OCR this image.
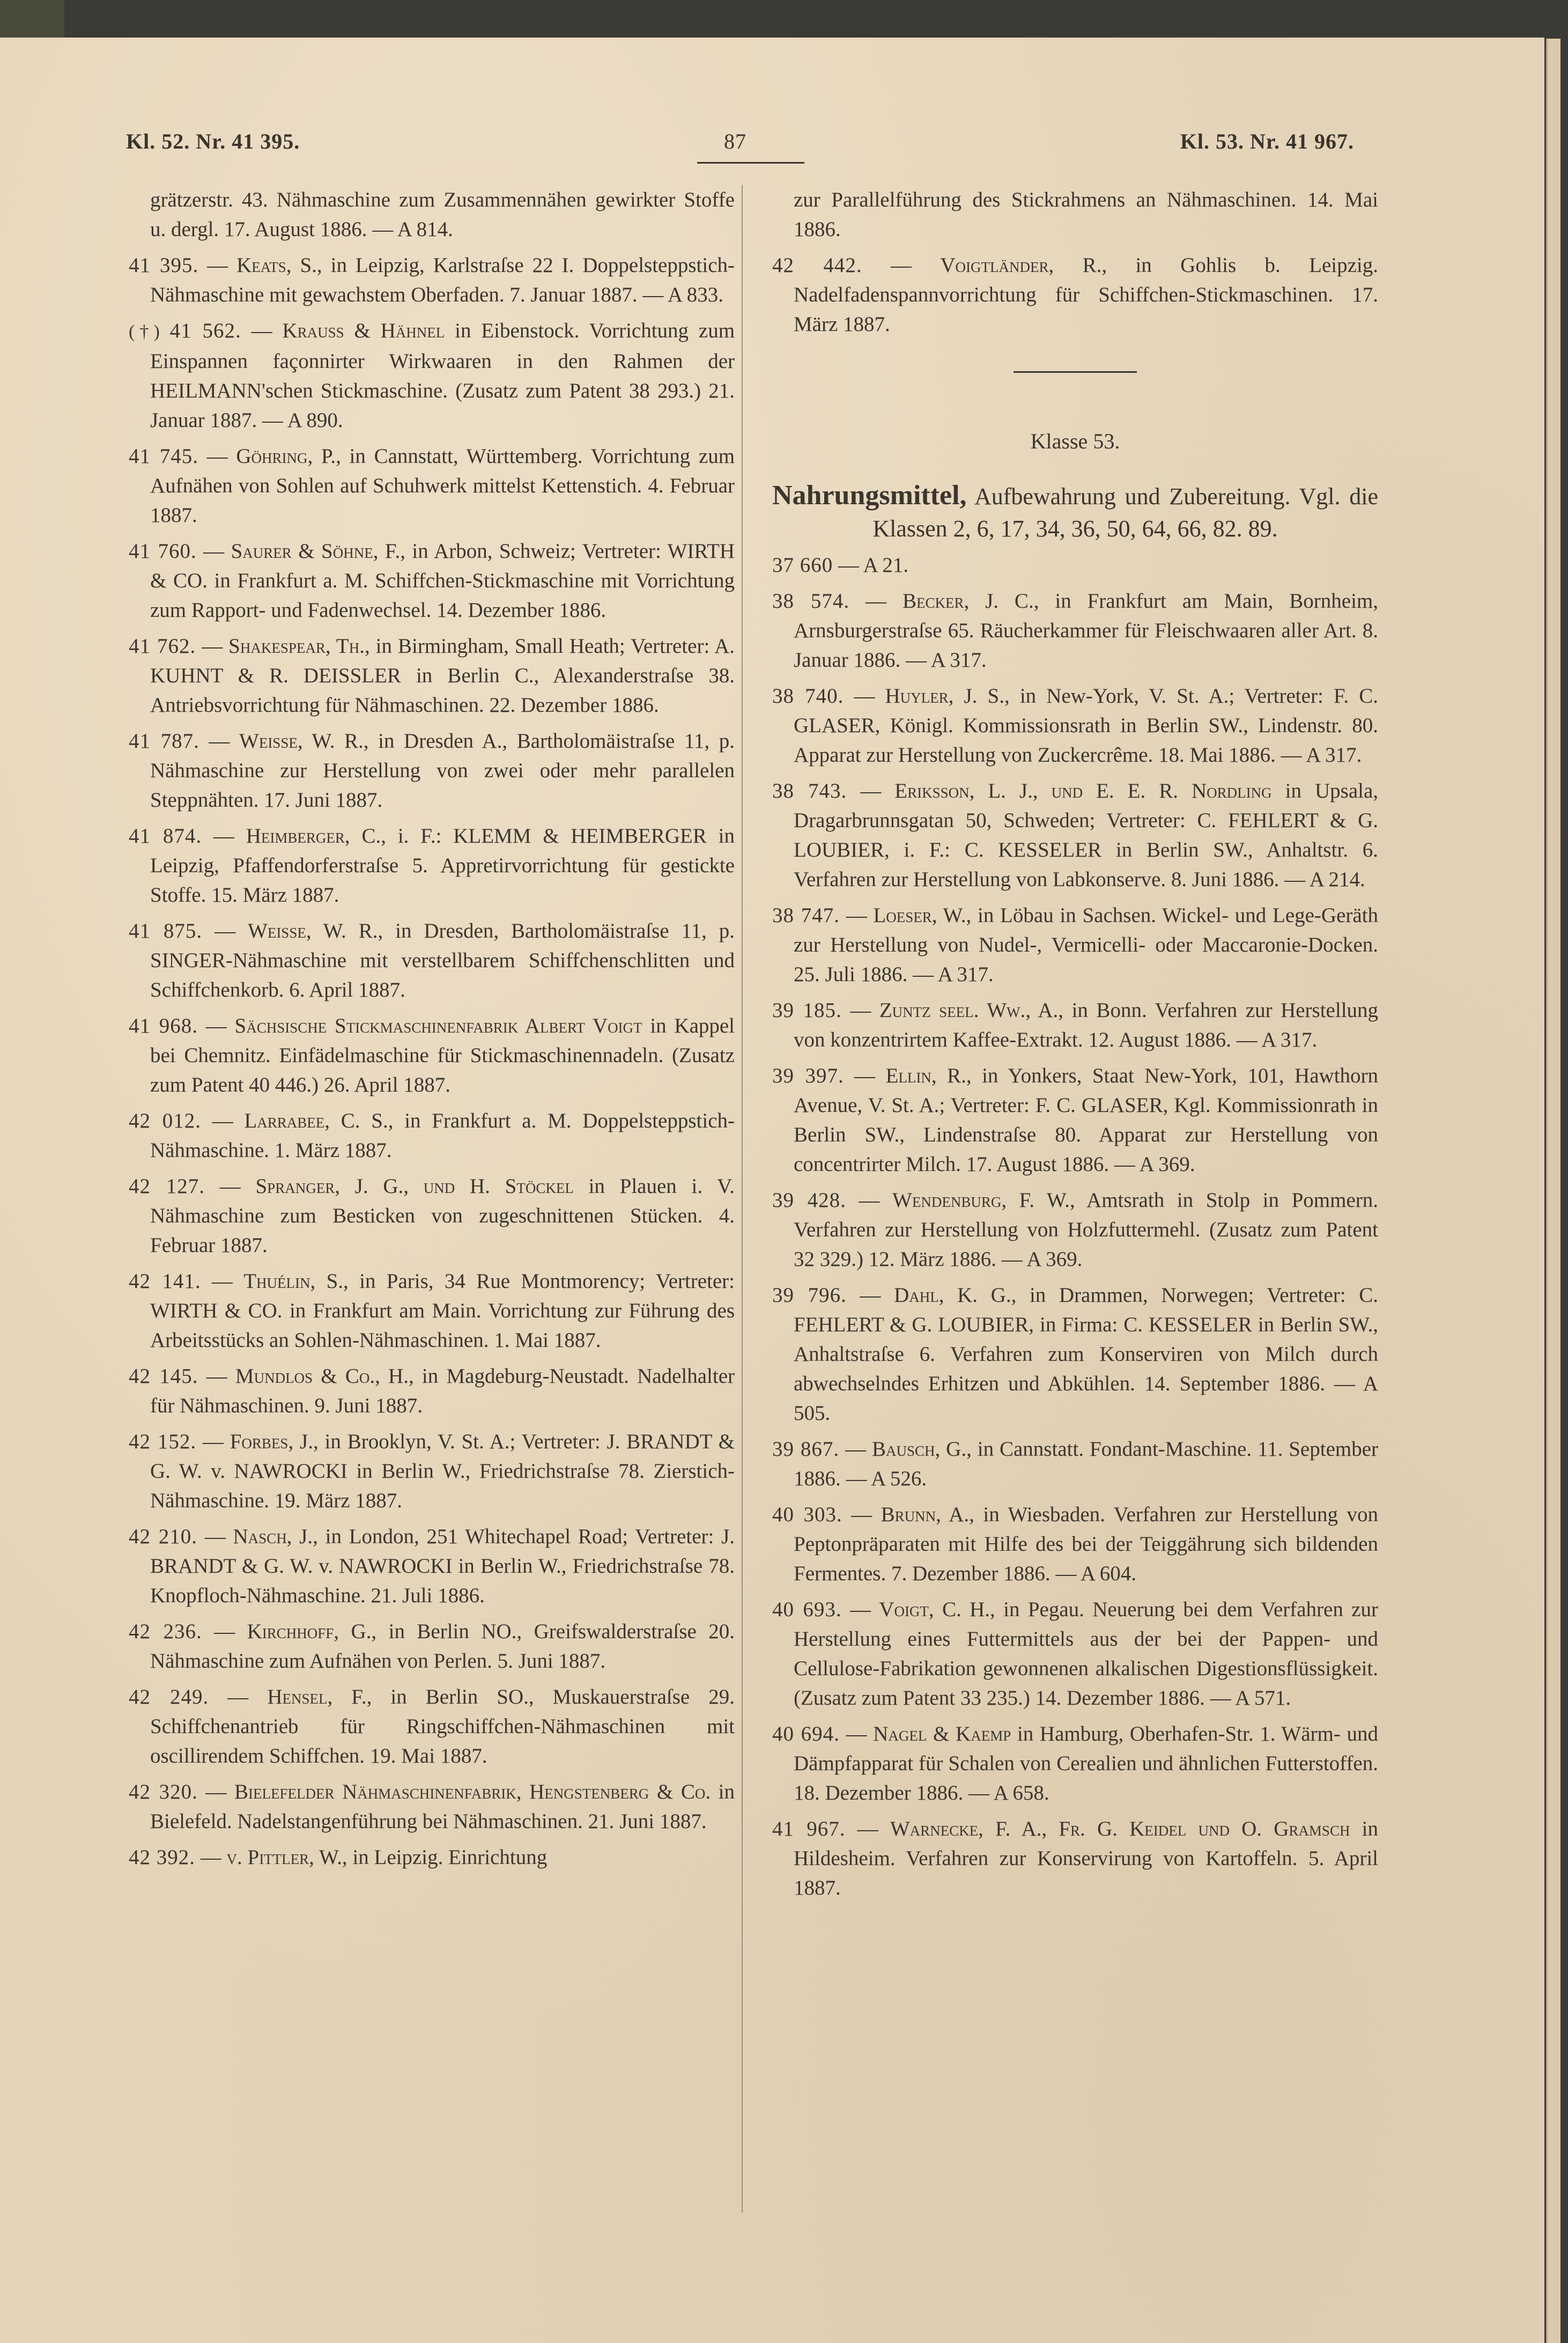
Kl. 52. Nr. 41 395.	87	Kl. 53. Nr. 41 967.

grätzerstr. 43. Nähmaschine zum Zusammennähen gewirkter Stoffe u. dergl. 17. August 1886. — A 814.

41 395. — Keats, S., in Leipzig, Karlstraſse 22 I. Doppelsteppstich-Nähmaschine mit gewachstem Oberfaden. 7. Januar 1887. — A 833.

(†) 41 562. — Krauss & Hähnel in Eibenstock. Vorrichtung zum Einspannen façonnirter Wirkwaaren in den Rahmen der HEILMANN'schen Stickmaschine. (Zusatz zum Patent 38 293.) 21. Januar 1887. — A 890.

41 745. — Göhring, P., in Cannstatt, Württemberg. Vorrichtung zum Aufnähen von Sohlen auf Schuhwerk mittelst Kettenstich. 4. Februar 1887.

41 760. — Saurer & Söhne, F., in Arbon, Schweiz; Vertreter: WIRTH & CO. in Frankfurt a. M. Schiffchen-Stickmaschine mit Vorrichtung zum Rapport- und Fadenwechsel. 14. Dezember 1886.

41 762. — Shakespear, Th., in Birmingham, Small Heath; Vertreter: A. KUHNT & R. DEISSLER in Berlin C., Alexanderstraſse 38. Antriebsvorrichtung für Nähmaschinen. 22. Dezember 1886.

41 787. — Weisse, W. R., in Dresden A., Bartholomäistraſse 11, p. Nähmaschine zur Herstellung von zwei oder mehr parallelen Steppnähten. 17. Juni 1887.

41 874. — Heimberger, C., i. F.: KLEMM & HEIMBERGER in Leipzig, Pfaffendorferstraſse 5. Appretirvorrichtung für gestickte Stoffe. 15. März 1887.

41 875. — Weisse, W. R., in Dresden, Bartholomäistraſse 11, p. SINGER-Nähmaschine mit verstellbarem Schiffchenschlitten und Schiffchenkorb. 6. April 1887.

41 968. — Sächsische Stickmaschinenfabrik Albert Voigt in Kappel bei Chemnitz. Einfädelmaschine für Stickmaschinennadeln. (Zusatz zum Patent 40 446.) 26. April 1887.

42 012. — Larrabee, C. S., in Frankfurt a. M. Doppelsteppstich-Nähmaschine. 1. März 1887.

42 127. — Spranger, J. G., und H. Stöckel in Plauen i. V. Nähmaschine zum Besticken von zugeschnittenen Stücken. 4. Februar 1887.

42 141. — Thuélin, S., in Paris, 34 Rue Montmorency; Vertreter: WIRTH & CO. in Frankfurt am Main. Vorrichtung zur Führung des Arbeitsstücks an Sohlen-Nähmaschinen. 1. Mai 1887.

42 145. — Mundlos & Co., H., in Magdeburg-Neustadt. Nadelhalter für Nähmaschinen. 9. Juni 1887.

42 152. — Forbes, J., in Brooklyn, V. St. A.; Vertreter: J. BRANDT & G. W. v. NAWROCKI in Berlin W., Friedrichstraſse 78. Zierstich-Nähmaschine. 19. März 1887.

42 210. — Nasch, J., in London, 251 Whitechapel Road; Vertreter: J. BRANDT & G. W. v. NAWROCKI in Berlin W., Friedrichstraſse 78. Knopfloch-Nähmaschine. 21. Juli 1886.

42 236. — Kirchhoff, G., in Berlin NO., Greifswalderstraſse 20. Nähmaschine zum Aufnähen von Perlen. 5. Juni 1887.

42 249. — Hensel, F., in Berlin SO., Muskauerstraſse 29. Schiffchenantrieb für Ringschiffchen-Nähmaschinen mit oscillirendem Schiffchen. 19. Mai 1887.

42 320. — Bielefelder Nähmaschinenfabrik, Hengstenberg & Co. in Bielefeld. Nadelstangenführung bei Nähmaschinen. 21. Juni 1887.

42 392. — v. Pittler, W., in Leipzig. Einrichtung

zur Parallelführung des Stickrahmens an Nähmaschinen. 14. Mai 1886.

42 442. — Voigtländer, R., in Gohlis b. Leipzig. Nadelfadenspannvorrichtung für Schiffchen-Stickmaschinen. 17. März 1887.

Klasse 53.

Nahrungsmittel, Aufbewahrung und Zubereitung. Vgl. die Klassen 2, 6, 17, 34, 36, 50, 64, 66, 82. 89.

37 660 — A 21.

38 574. — Becker, J. C., in Frankfurt am Main, Bornheim, Arnsburgerstraſse 65. Räucherkammer für Fleischwaaren aller Art. 8. Januar 1886. — A 317.

38 740. — Huyler, J. S., in New-York, V. St. A.; Vertreter: F. C. GLASER, Königl. Kommissionsrath in Berlin SW., Lindenstr. 80. Apparat zur Herstellung von Zuckercrême. 18. Mai 1886. — A 317.

38 743. — Eriksson, L. J., und E. E. R. Nordling in Upsala, Dragarbrunnsgatan 50, Schweden; Vertreter: C. FEHLERT & G. LOUBIER, i. F.: C. KESSELER in Berlin SW., Anhaltstr. 6. Verfahren zur Herstellung von Labkonserve. 8. Juni 1886. — A 214.

38 747. — Loeser, W., in Löbau in Sachsen. Wickel- und Lege-Geräth zur Herstellung von Nudel-, Vermicelli- oder Maccaronie-Docken. 25. Juli 1886. — A 317.

39 185. — Zuntz seel. Ww., A., in Bonn. Verfahren zur Herstellung von konzentrirtem Kaffee-Extrakt. 12. August 1886. — A 317.

39 397. — Ellin, R., in Yonkers, Staat New-York, 101, Hawthorn Avenue, V. St. A.; Vertreter: F. C. GLASER, Kgl. Kommissionrath in Berlin SW., Lindenstraſse 80. Apparat zur Herstellung von concentrirter Milch. 17. August 1886. — A 369.

39 428. — Wendenburg, F. W., Amtsrath in Stolp in Pommern. Verfahren zur Herstellung von Holzfuttermehl. (Zusatz zum Patent 32 329.) 12. März 1886. — A 369.

39 796. — Dahl, K. G., in Drammen, Norwegen; Vertreter: C. FEHLERT & G. LOUBIER, in Firma: C. KESSELER in Berlin SW., Anhaltstraſse 6. Verfahren zum Konserviren von Milch durch abwechselndes Erhitzen und Abkühlen. 14. September 1886. — A 505.

39 867. — Bausch, G., in Cannstatt. Fondant-Maschine. 11. September 1886. — A 526.

40 303. — Brunn, A., in Wiesbaden. Verfahren zur Herstellung von Peptonpräparaten mit Hilfe des bei der Teiggährung sich bildenden Fermentes. 7. Dezember 1886. — A 604.

40 693. — Voigt, C. H., in Pegau. Neuerung bei dem Verfahren zur Herstellung eines Futtermittels aus der bei der Pappen- und Cellulose-Fabrikation gewonnenen alkalischen Digestionsflüssigkeit. (Zusatz zum Patent 33 235.) 14. Dezember 1886. — A 571.

40 694. — Nagel & Kaemp in Hamburg, Oberhafen-Str. 1. Wärm- und Dämpfapparat für Schalen von Cerealien und ähnlichen Futterstoffen. 18. Dezember 1886. — A 658.

41 967. — Warnecke, F. A., Fr. G. Keidel und O. Gramsch in Hildesheim. Verfahren zur Konservirung von Kartoffeln. 5. April 1887.
